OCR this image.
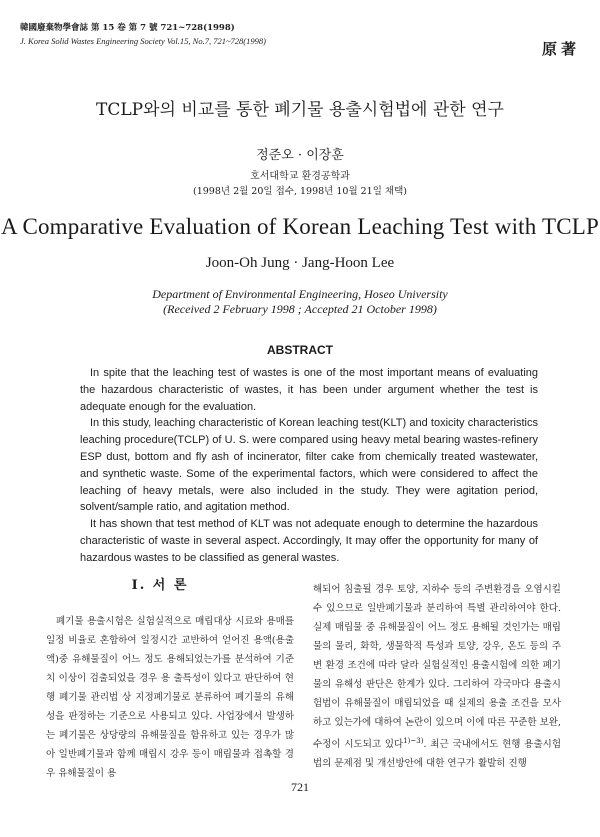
韓國廢棄物學會誌 第 15 卷 第 7 號 721~728(1998)
J. Korea Solid Wastes Engineering Society Vol.15, No.7, 721~728(1998)	原著
TCLP와의 비교를 통한 폐기물 용출시험법에 관한 연구
정준오 · 이장훈
호서대학교 환경공학과
(1998년 2월 20일 접수, 1998년 10월 21일 채택)
A Comparative Evaluation of Korean Leaching Test with TCLP
Joon-Oh Jung · Jang-Hoon Lee
Department of Environmental Engineering, Hoseo University
(Received 2 February 1998 ; Accepted 21 October 1998)
ABSTRACT

In spite that the leaching test of wastes is one of the most important means of evaluating the hazardous characteristic of wastes, it has been under argument whether the test is adequate enough for the evaluation.

In this study, leaching characteristic of Korean leaching test(KLT) and toxicity characteristics leaching procedure(TCLP) of U. S. were compared using heavy metal bearing wastes-refinery ESP dust, bottom and fly ash of incinerator, filter cake from chemically treated wastewater, and synthetic waste. Some of the experimental factors, which were considered to affect the leaching of heavy metals, were also included in the study. They were agitation period, solvent/sample ratio, and agitation method.

It has shown that test method of KLT was not adequate enough to determine the hazardous characteristic of waste in several aspect. Accordingly, It may offer the opportunity for many of hazardous wastes to be classified as general wastes.

Ⅰ. 서 론

폐기물 용출시험은 실험실적으로 매립대상 시료와 용매를 일정 비율로 혼합하여 일정시간 교반하여 얻어진 용액(용출액)중 유해물질이 어느 정도 용해되었는가를 분석하여 기준치 이상이 검출되었을 경우 용 출특성이 있다고 판단하여 현행 폐기물 관리법 상 지정폐기물로 분류하여 폐기물의 유해성을 판정하는 기준으로 사용되고 있다. 사업장에서 발생하는 폐기물은 상당량의 유해물질을 함유하고 있는 경우가 많아 일반폐기물과 함께 매립시 강우 등이 매립물과 접촉할 경우 유해물질이 용

해되어 침출될 경우 토양, 지하수 등의 주변환경을 오염시킬 수 있으므로 일반폐기물과 분리하여 특별 관리하여야 한다. 실제 매립물 중 유해물질이 어느 정도 용해될 것인가는 매립물의 물리, 화학, 생물학적 특성과 토양, 강우, 온도 등의 주변 환경 조건에 따라 달라 실험실적인 용출시험에 의한 폐기물의 유해성 판단은 한계가 있다. 그리하여 각국마다 용출시험법이 유해물질이 매립되었을 때 실제의 용출 조건을 모사하고 있는가에 대하여 논란이 있으며 이에 따른 꾸준한 보완, 수정이 시도되고 있다$^{1)\sim 3)}$. 최근 국내에서도 현행 용출시험법의 문제점 및 개선방안에 대한 연구가 활발히 진행

721
